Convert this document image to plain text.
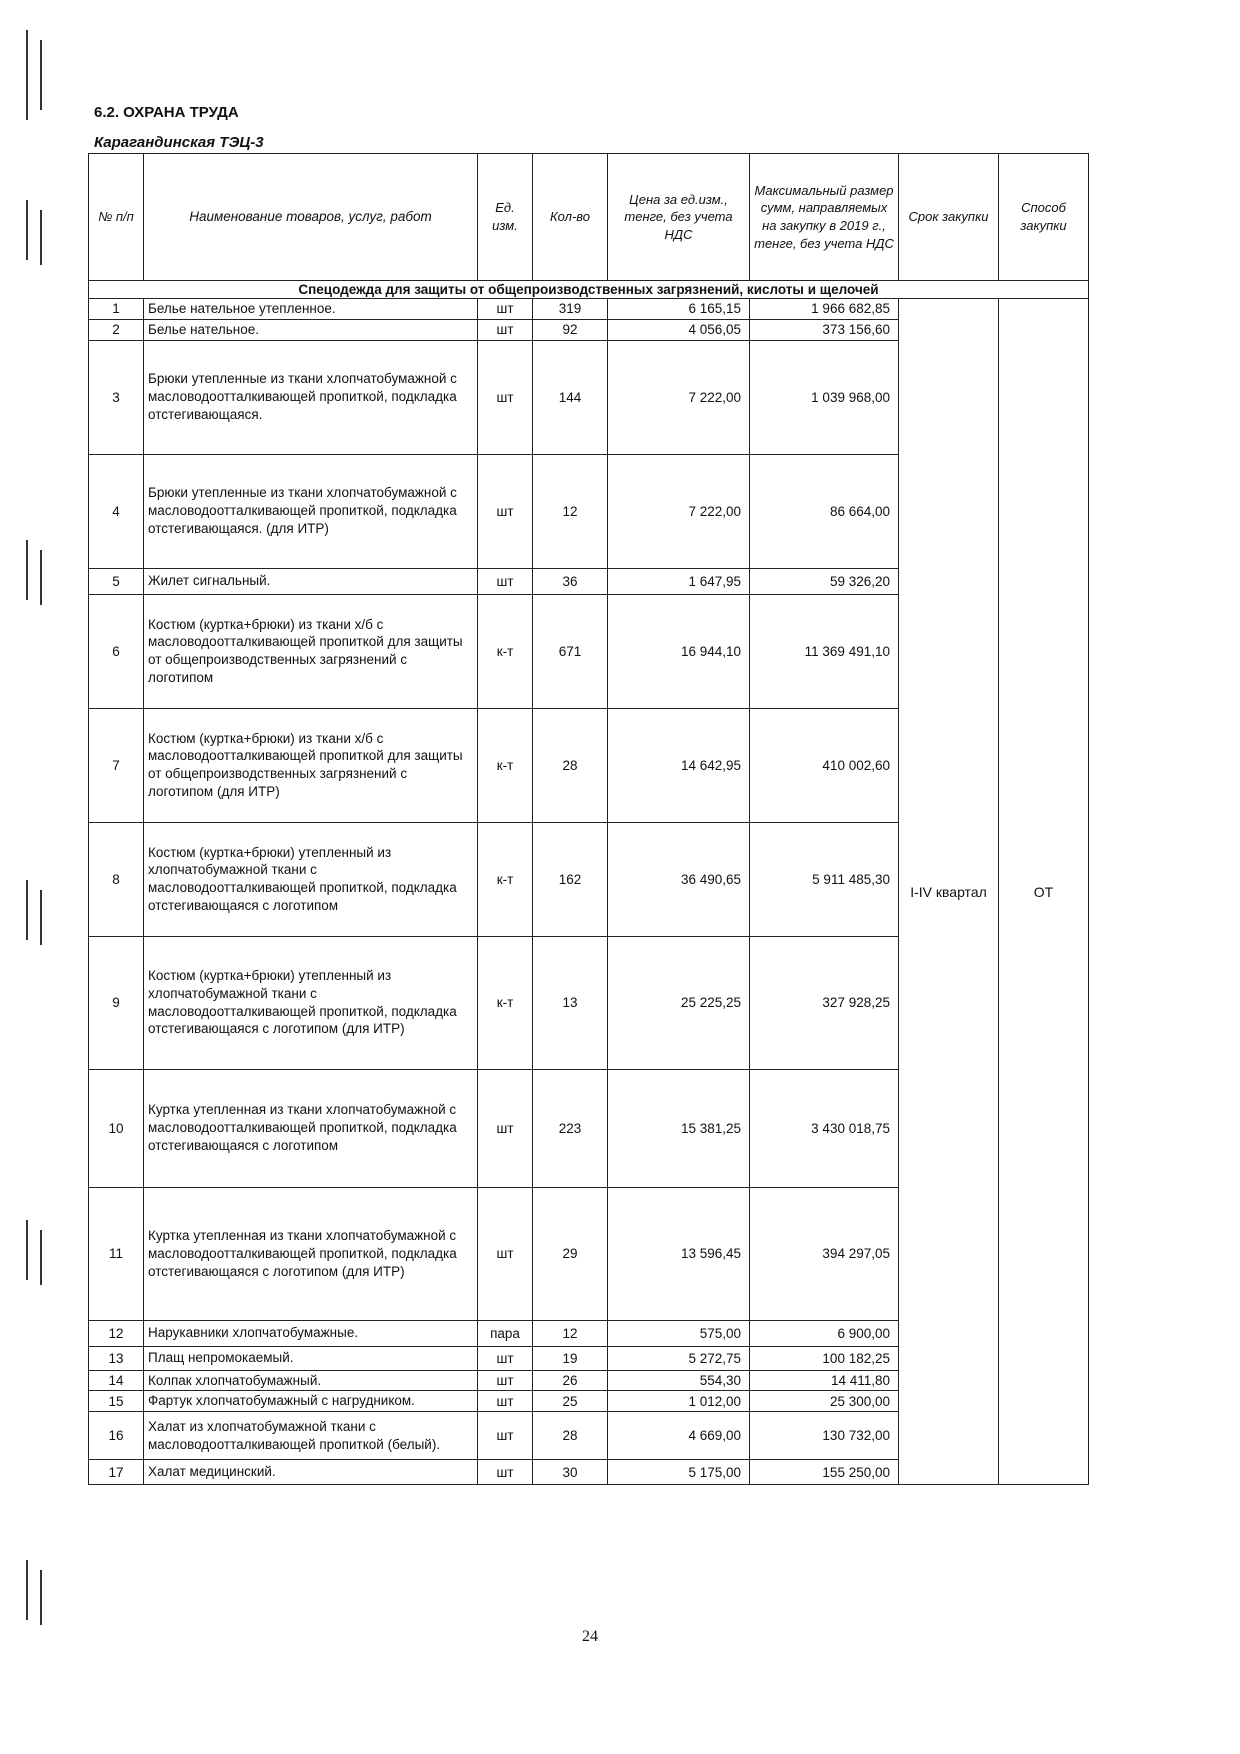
6.2. ОХРАНА ТРУДА
Карагандинская ТЭЦ-3
№ п/п	Наименование товаров, услуг, работ	Ед. изм.	Кол-во	Цена за ед.изм., тенге, без учета НДС	Максимальный размер сумм, направляемых на закупку в 2019 г., тенге, без учета НДС	Срок закупки	Способ закупки
Спецодежда для защиты от общепроизводственных загрязнений, кислоты и щелочей							
1	Белье нательное утепленное.	шт	319	6 165,15	1 966 682,85	I-IV квартал	ОТ
2	Белье нательное.	шт	92	4 056,05	373 156,60		
3	Брюки утепленные из ткани хлопчатобумажной с масловодоотталкивающей пропиткой, подкладка отстегивающаяся.	шт	144	7 222,00	1 039 968,00		
4	Брюки утепленные из ткани хлопчатобумажной с масловодоотталкивающей пропиткой, подкладка отстегивающаяся. (для ИТР)	шт	12	7 222,00	86 664,00		
5	Жилет сигнальный.	шт	36	1 647,95	59 326,20		
6	Костюм (куртка+брюки) из ткани х/б с масловодоотталкивающей пропиткой для защиты от общепроизводственных загрязнений с логотипом	к-т	671	16 944,10	11 369 491,10		
7	Костюм (куртка+брюки) из ткани х/б с масловодоотталкивающей пропиткой для защиты от общепроизводственных загрязнений с логотипом (для ИТР)	к-т	28	14 642,95	410 002,60		
8	Костюм (куртка+брюки) утепленный из хлопчатобумажной ткани с масловодоотталкивающей пропиткой, подкладка отстегивающаяся с логотипом	к-т	162	36 490,65	5 911 485,30		
9	Костюм (куртка+брюки) утепленный из хлопчатобумажной ткани с масловодоотталкивающей пропиткой, подкладка отстегивающаяся с логотипом (для ИТР)	к-т	13	25 225,25	327 928,25		
10	Куртка утепленная из ткани хлопчатобумажной с масловодоотталкивающей пропиткой, подкладка отстегивающаяся с логотипом	шт	223	15 381,25	3 430 018,75		
11	Куртка утепленная из ткани хлопчатобумажной с масловодоотталкивающей пропиткой, подкладка отстегивающаяся с логотипом (для ИТР)	шт	29	13 596,45	394 297,05		
12	Нарукавники хлопчатобумажные.	пара	12	575,00	6 900,00		
13	Плащ непромокаемый.	шт	19	5 272,75	100 182,25		
14	Колпак хлопчатобумажный.	шт	26	554,30	14 411,80		
15	Фартук хлопчатобумажный с нагрудником.	шт	25	1 012,00	25 300,00		
16	Халат из хлопчатобумажной ткани с масловодоотталкивающей пропиткой (белый).	шт	28	4 669,00	130 732,00		
17	Халат медицинский.	шт	30	5 175,00	155 250,00		
24
